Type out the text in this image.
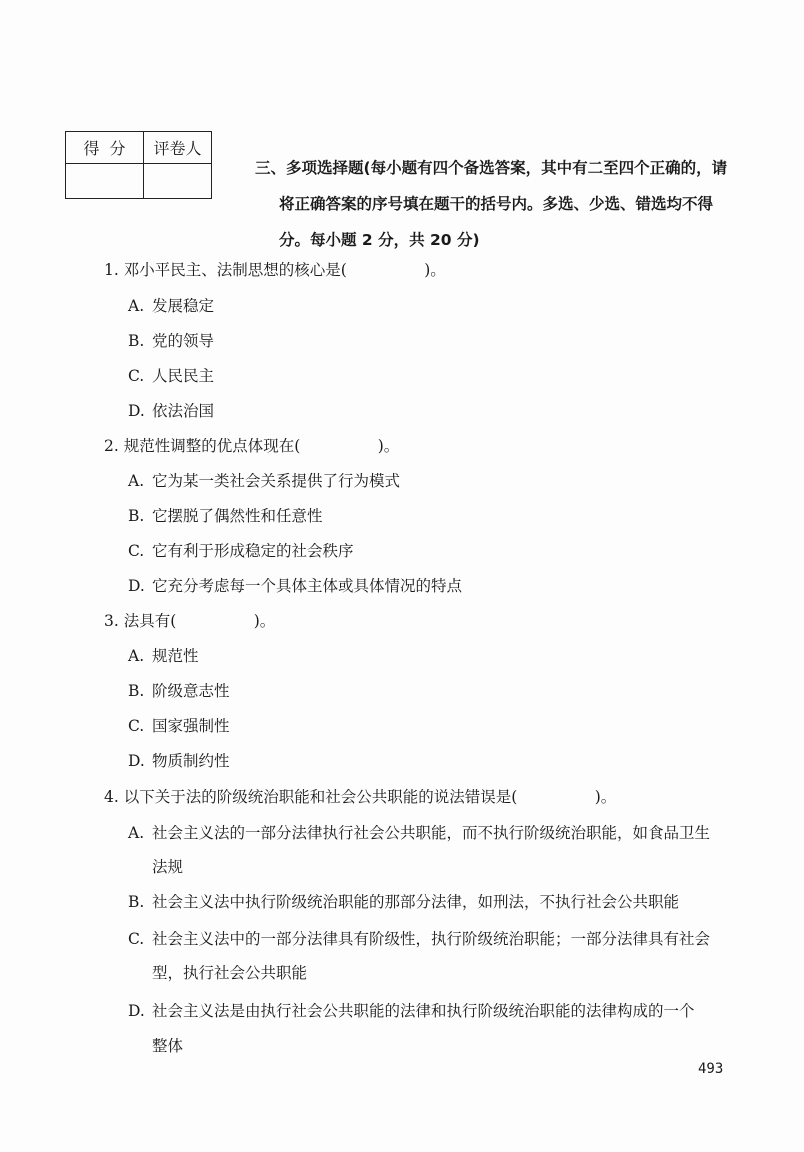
得分	评卷人

三、多项选择题(每小题有四个备选答案，其中有二至四个正确的，请
将正确答案的序号填在题干的括号内。多选、少选、错选均不得
分。每小题 2 分，共 20 分)
1. 邓小平民主、法制思想的核心是(　　　　　)。
A. 发展稳定
B. 党的领导
C. 人民民主
D. 依法治国
2. 规范性调整的优点体现在(　　　　　)。
A. 它为某一类社会关系提供了行为模式
B. 它摆脱了偶然性和任意性
C. 它有利于形成稳定的社会秩序
D. 它充分考虑每一个具体主体或具体情况的特点
3. 法具有(　　　　　)。
A. 规范性
B. 阶级意志性
C. 国家强制性
D. 物质制约性
4. 以下关于法的阶级统治职能和社会公共职能的说法错误是(　　　　　)。
A. 社会主义法的一部分法律执行社会公共职能，而不执行阶级统治职能，如食品卫生
法规
B. 社会主义法中执行阶级统治职能的那部分法律，如刑法，不执行社会公共职能
C. 社会主义法中的一部分法律具有阶级性，执行阶级统治职能；一部分法律具有社会
型，执行社会公共职能
D. 社会主义法是由执行社会公共职能的法律和执行阶级统治职能的法律构成的一个
整体
493
